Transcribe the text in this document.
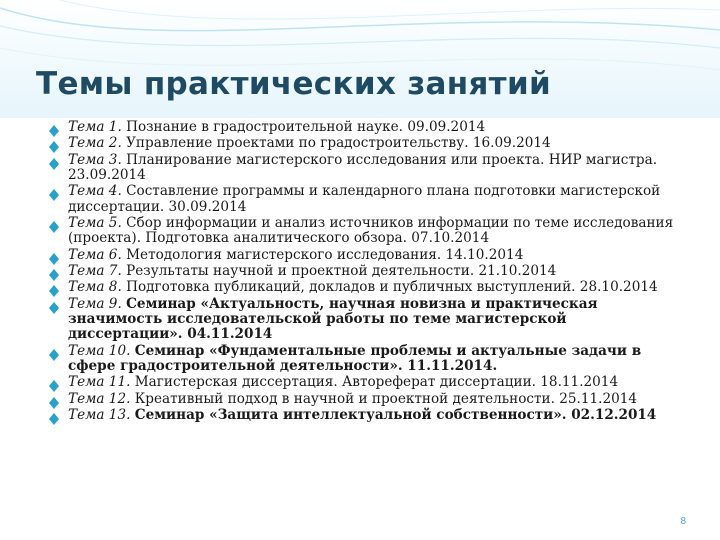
Темы практических занятий
Тема 1. Познание в градостроительной науке. 09.09.2014
Тема 2. Управление проектами по градостроительству. 16.09.2014
Тема 3. Планирование магистерского исследования или проекта. НИР магистра. 23.09.2014
Тема 4. Составление программы и календарного плана подготовки магистерской диссертации. 30.09.2014
Тема 5. Сбор информации и анализ источников информации по теме исследования (проекта). Подготовка аналитического обзора. 07.10.2014
Тема 6. Методология магистерского исследования. 14.10.2014
Тема 7. Результаты научной и проектной деятельности. 21.10.2014
Тема 8. Подготовка публикаций, докладов и публичных выступлений. 28.10.2014
Тема 9. Семинар «Актуальность, научная новизна и практическая значимость исследовательской работы по теме магистерской диссертации». 04.11.2014
Тема 10. Семинар «Фундаментальные проблемы и актуальные задачи в сфере градостроительной деятельности». 11.11.2014.
Тема 11. Магистерская диссертация. Автореферат диссертации. 18.11.2014
Тема 12. Креативный подход в научной и проектной деятельности. 25.11.2014
Тема 13. Семинар «Защита интеллектуальной собственности». 02.12.2014
8
